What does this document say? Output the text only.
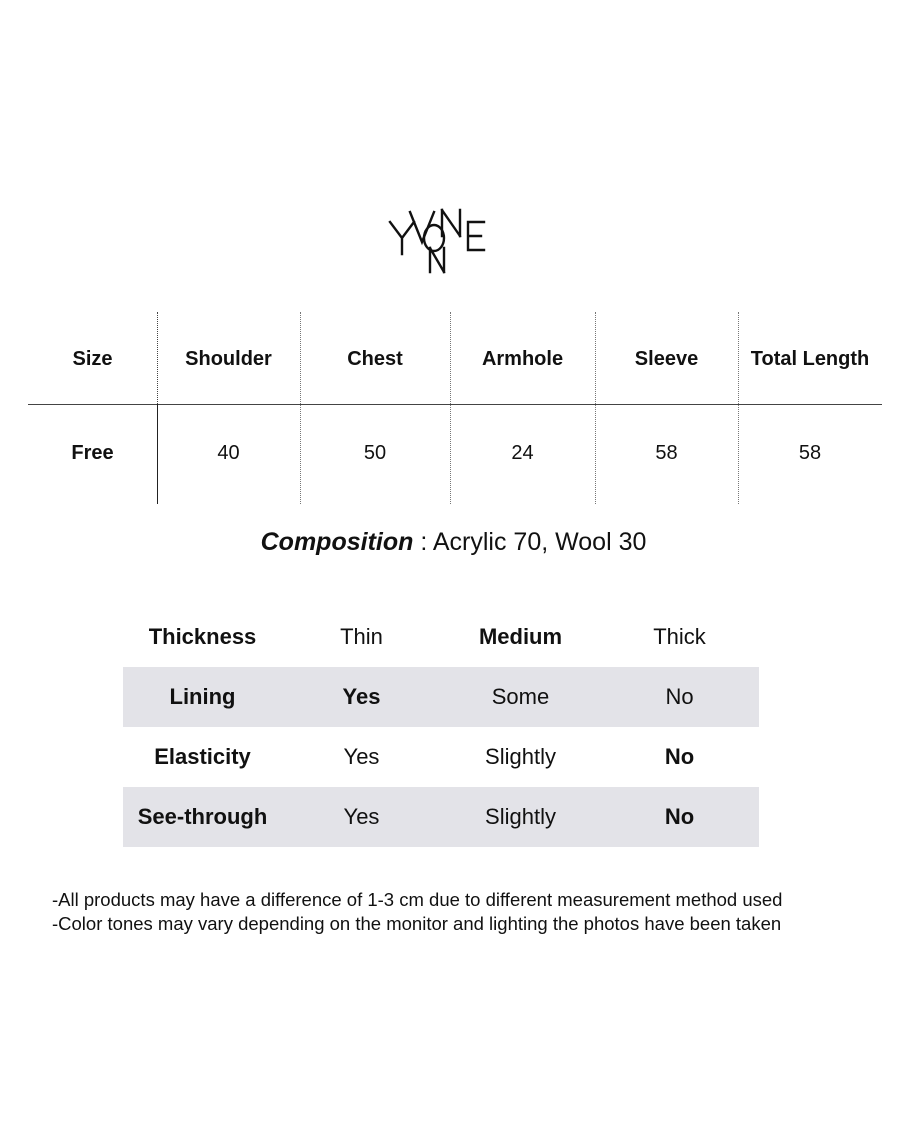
Size	Shoulder	Chest	Armhole	Sleeve	Total Length
Free	40	50	24	58	58
Composition : Acrylic 70, Wool 30
Thickness	Thin	Medium	Thick
Lining	Yes	Some	No
Elasticity	Yes	Slightly	No
See-through	Yes	Slightly	No
-All products may have a difference of 1-3 cm due to different measurement method used
-Color tones may vary depending on the monitor and lighting the photos have been taken
